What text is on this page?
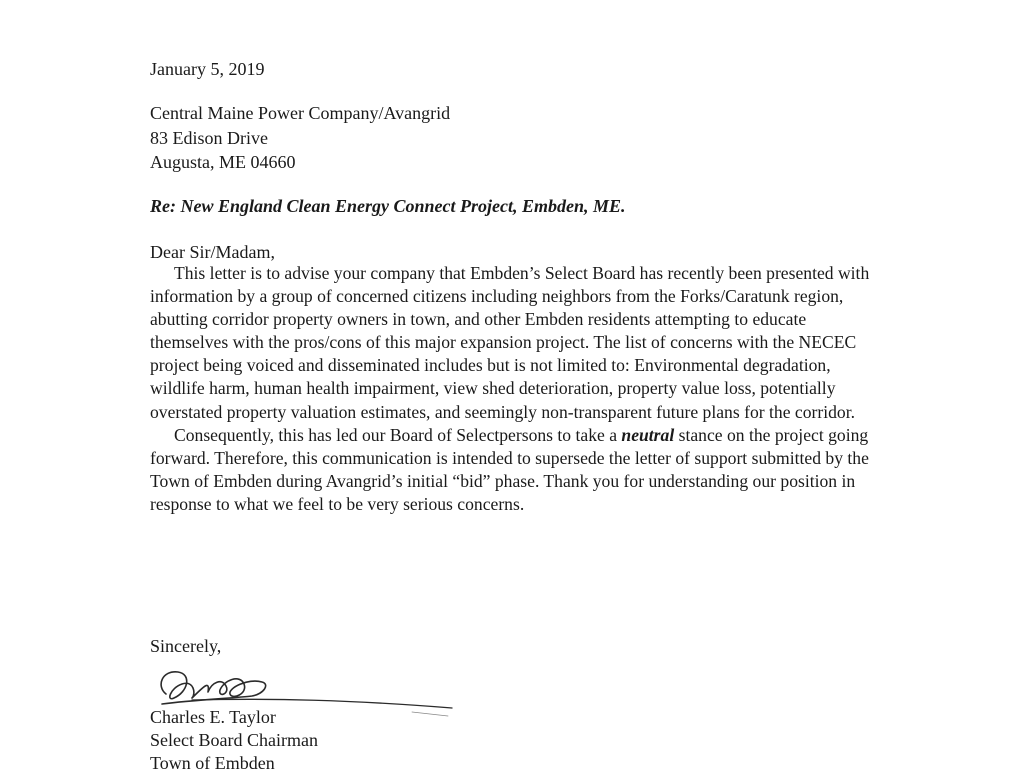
January 5, 2019
Central Maine Power Company/Avangrid
83 Edison Drive
Augusta, ME 04660
Re: New England Clean Energy Connect Project, Embden, ME.
Dear Sir/Madam,

This letter is to advise your company that Embden’s Select Board has recently been presented with information by a group of concerned citizens including neighbors from the Forks/Caratunk region, abutting corridor property owners in town, and other Embden residents attempting to educate themselves with the pros/cons of this major expansion project. The list of concerns with the NECEC project being voiced and disseminated includes but is not limited to: Environmental degradation, wildlife harm, human health impairment, view shed deterioration, property value loss, potentially overstated property valuation estimates, and seemingly non-transparent future plans for the corridor.

Consequently, this has led our Board of Selectpersons to take a neutral stance on the project going forward. Therefore, this communication is intended to supersede the letter of support submitted by the Town of Embden during Avangrid’s initial “bid” phase. Thank you for understanding our position in response to what we feel to be very serious concerns.

Sincerely,
Charles E. Taylor
Select Board Chairman
Town of Embden
